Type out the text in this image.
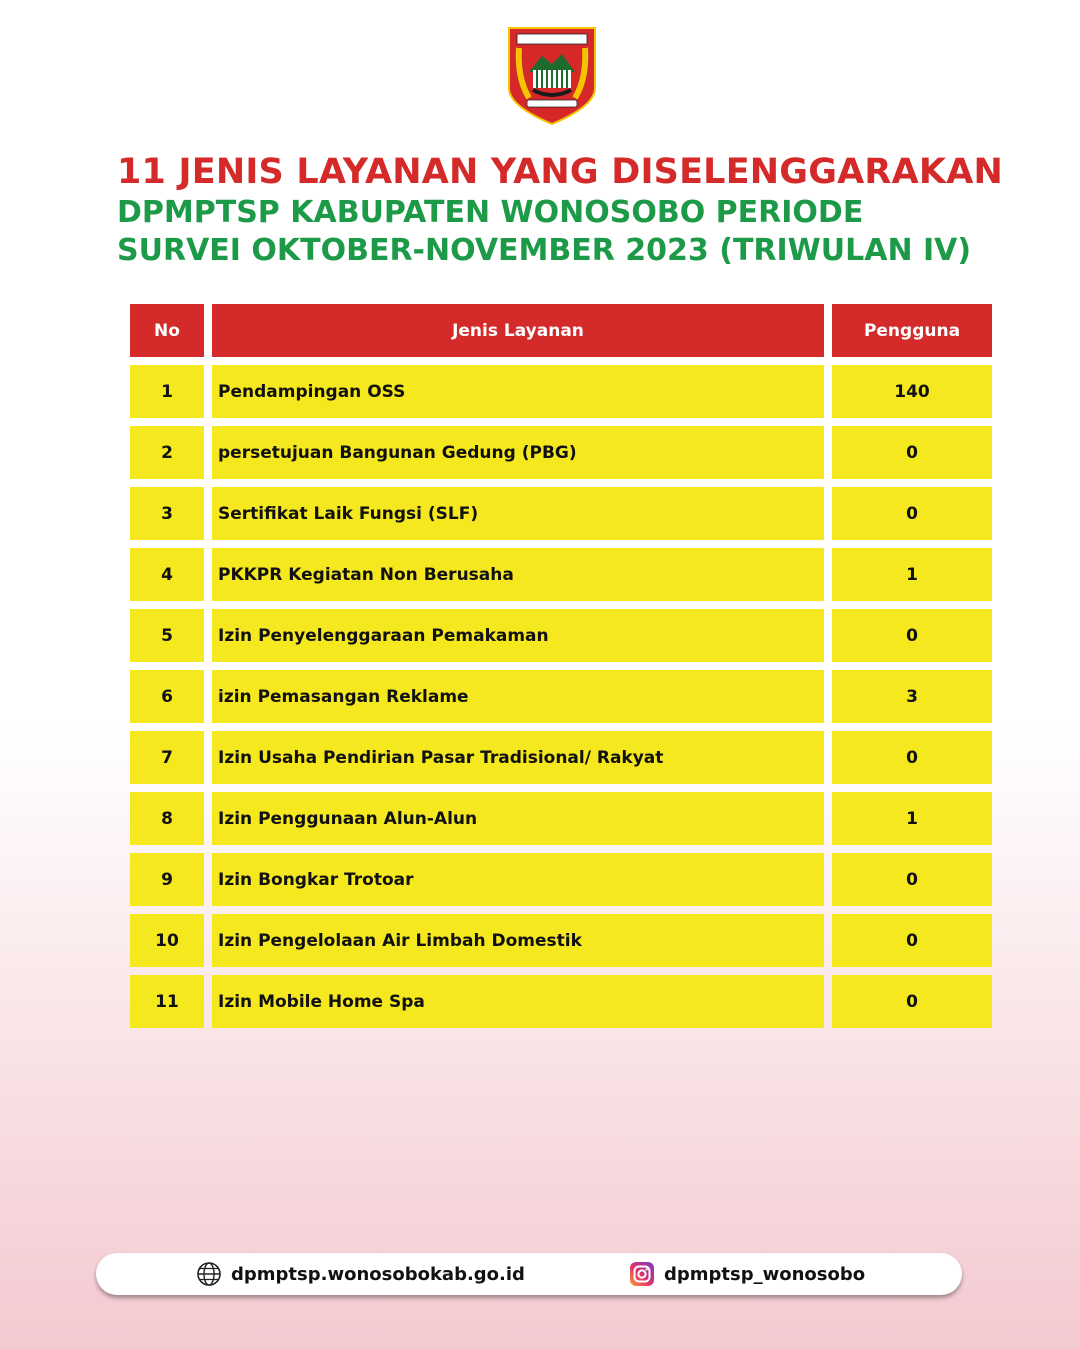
11 JENIS LAYANAN YANG DISELENGGARAKAN
DPMPTSP KABUPATEN WONOSOBO PERIODE
SURVEI OKTOBER-NOVEMBER 2023 (TRIWULAN IV)
No	Jenis Layanan	Pengguna
1	Pendampingan OSS	140
2	persetujuan Bangunan Gedung (PBG)	0
3	Sertifikat Laik Fungsi (SLF)	0
4	PKKPR Kegiatan Non Berusaha	1
5	Izin Penyelenggaraan Pemakaman	0
6	izin Pemasangan Reklame	3
7	Izin Usaha Pendirian Pasar Tradisional/ Rakyat	0
8	Izin Penggunaan Alun-Alun	1
9	Izin Bongkar Trotoar	0
10	Izin Pengelolaan Air Limbah Domestik	0
11	Izin Mobile Home Spa	0
dpmptsp.wonosobokab.go.id	dpmptsp_wonosobo
